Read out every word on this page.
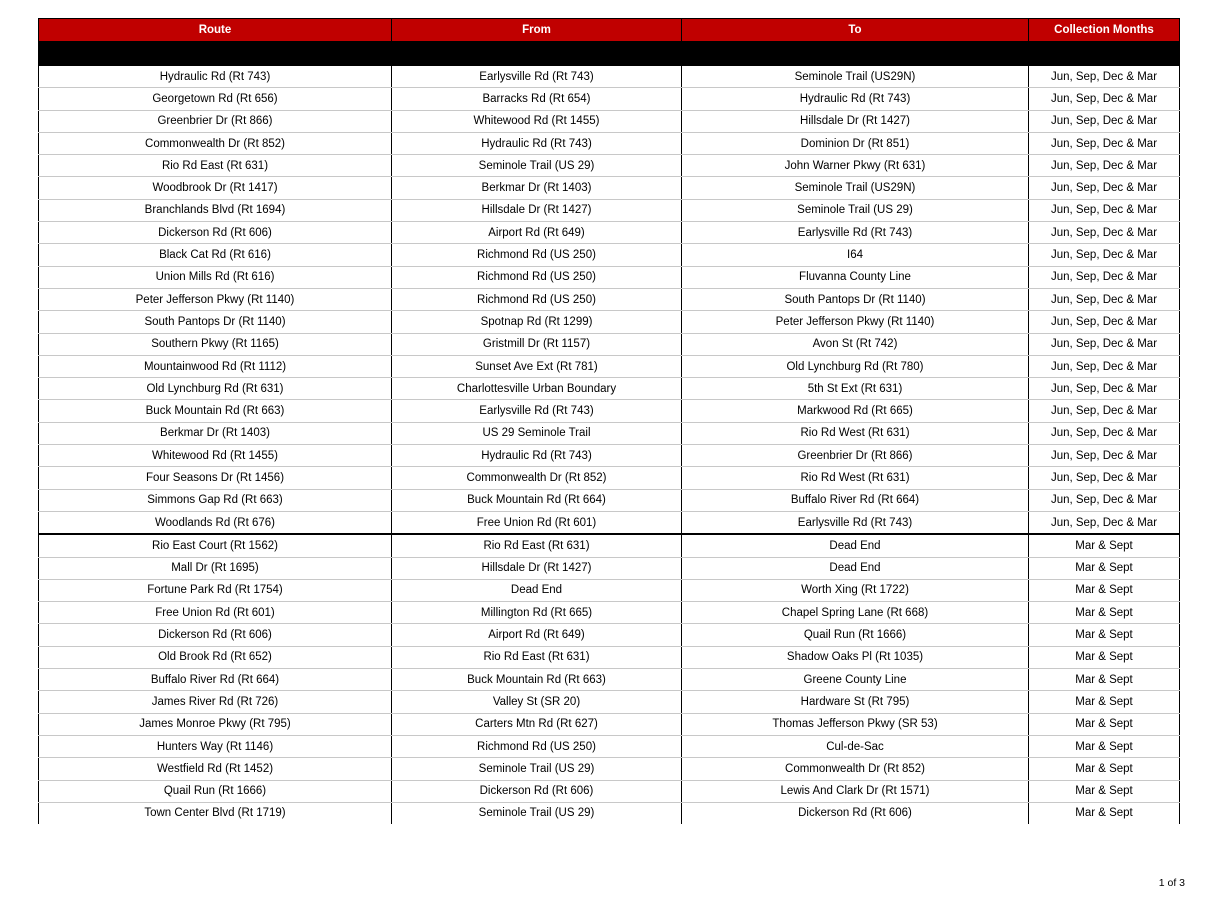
Route	From	To	Collection Months

Hydraulic Rd (Rt 743)	Earlysville Rd (Rt 743)	Seminole Trail (US29N)	Jun, Sep, Dec & Mar
Georgetown Rd (Rt 656)	Barracks Rd (Rt 654)	Hydraulic Rd (Rt 743)	Jun, Sep, Dec & Mar
Greenbrier Dr (Rt 866)	Whitewood Rd (Rt 1455)	Hillsdale Dr (Rt 1427)	Jun, Sep, Dec & Mar
Commonwealth Dr (Rt 852)	Hydraulic Rd (Rt 743)	Dominion Dr (Rt 851)	Jun, Sep, Dec & Mar
Rio Rd East (Rt 631)	Seminole Trail (US 29)	John Warner Pkwy (Rt 631)	Jun, Sep, Dec & Mar
Woodbrook Dr (Rt 1417)	Berkmar Dr (Rt 1403)	Seminole Trail (US29N)	Jun, Sep, Dec & Mar
Branchlands Blvd (Rt 1694)	Hillsdale Dr (Rt 1427)	Seminole Trail (US 29)	Jun, Sep, Dec & Mar
Dickerson Rd (Rt 606)	Airport Rd (Rt 649)	Earlysville Rd (Rt 743)	Jun, Sep, Dec & Mar
Black Cat Rd (Rt 616)	Richmond Rd (US 250)	I64	Jun, Sep, Dec & Mar
Union Mills Rd (Rt 616)	Richmond Rd (US 250)	Fluvanna County Line	Jun, Sep, Dec & Mar
Peter Jefferson Pkwy (Rt 1140)	Richmond Rd (US 250)	South Pantops Dr (Rt 1140)	Jun, Sep, Dec & Mar
South Pantops Dr (Rt 1140)	Spotnap Rd (Rt 1299)	Peter Jefferson Pkwy (Rt 1140)	Jun, Sep, Dec & Mar
Southern Pkwy (Rt 1165)	Gristmill Dr (Rt 1157)	Avon St (Rt 742)	Jun, Sep, Dec & Mar
Mountainwood Rd (Rt 1112)	Sunset Ave Ext (Rt 781)	Old Lynchburg Rd (Rt 780)	Jun, Sep, Dec & Mar
Old Lynchburg Rd (Rt 631)	Charlottesville Urban Boundary	5th St Ext (Rt 631)	Jun, Sep, Dec & Mar
Buck Mountain Rd (Rt 663)	Earlysville Rd (Rt 743)	Markwood Rd (Rt 665)	Jun, Sep, Dec & Mar
Berkmar Dr (Rt 1403)	US 29 Seminole Trail	Rio Rd West (Rt 631)	Jun, Sep, Dec & Mar
Whitewood Rd (Rt 1455)	Hydraulic Rd (Rt 743)	Greenbrier Dr (Rt 866)	Jun, Sep, Dec & Mar
Four Seasons Dr (Rt 1456)	Commonwealth Dr (Rt 852)	Rio Rd West (Rt 631)	Jun, Sep, Dec & Mar
Simmons Gap Rd (Rt 663)	Buck Mountain Rd (Rt 664)	Buffalo River Rd (Rt 664)	Jun, Sep, Dec & Mar
Woodlands Rd (Rt 676)	Free Union Rd (Rt 601)	Earlysville Rd (Rt 743)	Jun, Sep, Dec & Mar
Rio East Court (Rt 1562)	Rio Rd East (Rt 631)	Dead End	Mar & Sept
Mall Dr (Rt 1695)	Hillsdale Dr (Rt 1427)	Dead End	Mar & Sept
Fortune Park Rd (Rt 1754)	Dead End	Worth Xing (Rt 1722)	Mar & Sept
Free Union Rd (Rt 601)	Millington Rd (Rt 665)	Chapel Spring Lane (Rt 668)	Mar & Sept
Dickerson Rd (Rt 606)	Airport Rd (Rt 649)	Quail Run (Rt 1666)	Mar & Sept
Old Brook Rd (Rt 652)	Rio Rd East (Rt 631)	Shadow Oaks Pl (Rt 1035)	Mar & Sept
Buffalo River Rd (Rt 664)	Buck Mountain Rd (Rt 663)	Greene County Line	Mar & Sept
James River Rd (Rt 726)	Valley St (SR 20)	Hardware St (Rt 795)	Mar & Sept
James Monroe Pkwy (Rt 795)	Carters Mtn Rd (Rt 627)	Thomas Jefferson Pkwy (SR 53)	Mar & Sept
Hunters Way (Rt 1146)	Richmond Rd (US 250)	Cul-de-Sac	Mar & Sept
Westfield Rd (Rt 1452)	Seminole Trail (US 29)	Commonwealth Dr (Rt 852)	Mar & Sept
Quail Run (Rt 1666)	Dickerson Rd (Rt 606)	Lewis And Clark Dr (Rt 1571)	Mar & Sept
Town Center Blvd (Rt 1719)	Seminole Trail (US 29)	Dickerson Rd (Rt 606)	Mar & Sept
1 of 3
